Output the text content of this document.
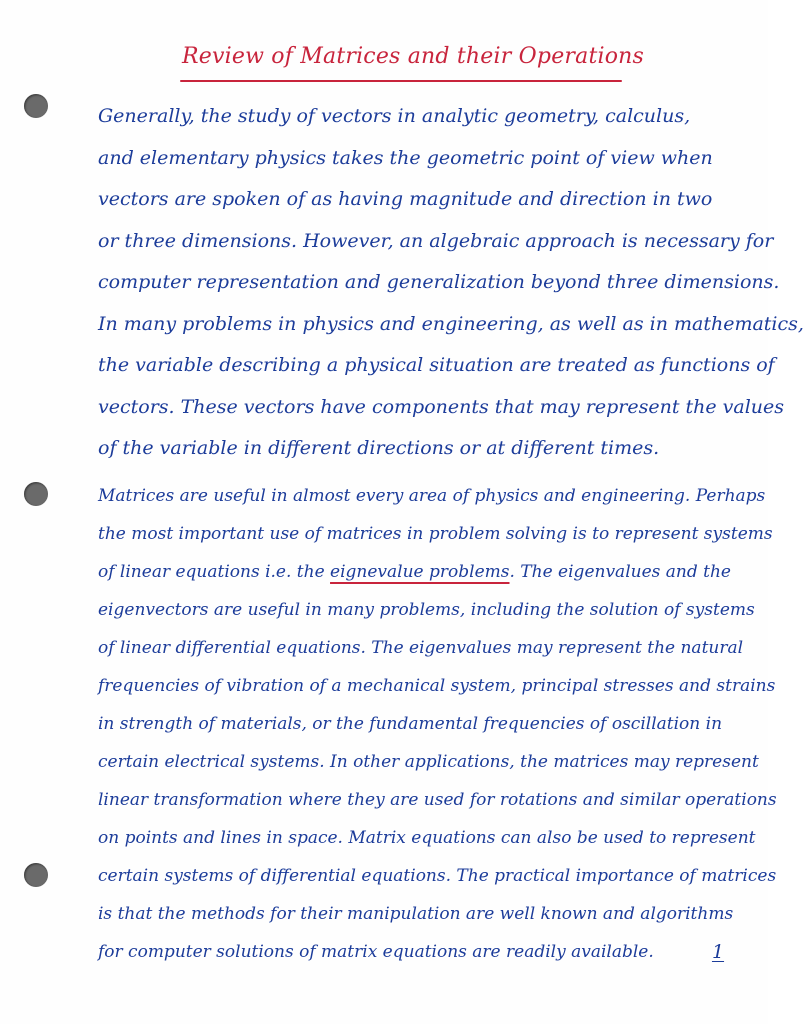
Review of Matrices and their Operations
Generally, the study of vectors in analytic geometry, calculus,
and elementary physics takes the geometric point of view when
vectors are spoken of as having magnitude and direction in two
or three dimensions. However, an algebraic approach is necessary for
computer representation and generalization beyond three dimensions.
In many problems in physics and engineering, as well as in mathematics,
the variable describing a physical situation are treated as functions of
vectors. These vectors have components that may represent the values
of the variable in different directions or at different times.
Matrices are useful in almost every area of physics and engineering. Perhaps
the most important use of matrices in problem solving is to represent systems
of linear equations i.e. the eignevalue problems. The eigenvalues and the
eigenvectors are useful in many problems, including the solution of systems
of linear differential equations. The eigenvalues may represent the natural
frequencies of vibration of a mechanical system, principal stresses and strains
in strength of materials, or the fundamental frequencies of oscillation in
certain electrical systems. In other applications, the matrices may represent
linear transformation where they are used for rotations and similar operations
on points and lines in space. Matrix equations can also be used to represent
certain systems of differential equations. The practical importance of matrices
is that the methods for their manipulation are well known and algorithms
for computer solutions of matrix equations are readily available.	1
